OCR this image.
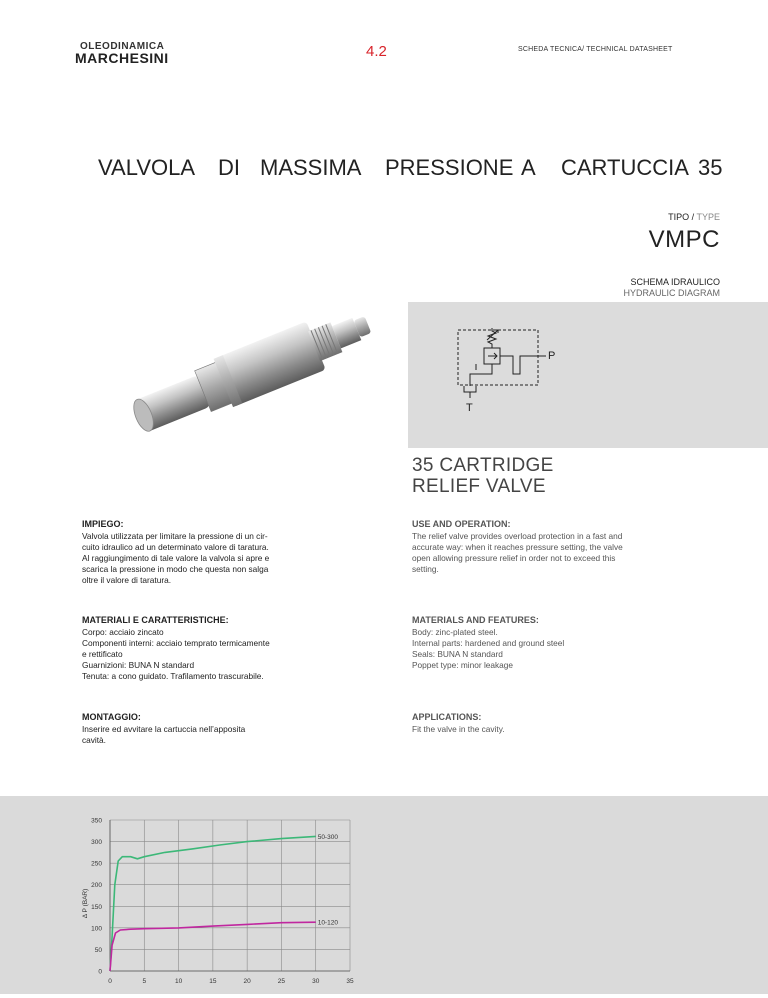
OLEODINAMICA
MARCHESINI	4.2	SCHEDA TECNICA/ TECHNICAL DATASHEET
VALVOLA DI MASSIMA PRESSIONE A CARTUCCIA 35
TIPO / TYPE
VMPC
SCHEMA IDRAULICO
HYDRAULIC DIAGRAM
P
T
35 CARTRIDGE
RELIEF VALVE
IMPIEGO:
Valvola utilizzata per limitare la pressione di un cir-
cuito idraulico ad un determinato valore di taratura.
Al raggiungimento di tale valore la valvola si apre e
scarica la pressione in modo che questa non salga
oltre il valore di taratura.
MATERIALI E CARATTERISTICHE:
Corpo: acciaio zincato
Componenti interni: acciaio temprato termicamente
e rettificato
Guarnizioni: BUNA N standard
Tenuta: a cono guidato. Trafilamento trascurabile.
MONTAGGIO:
Inserire ed avvitare la cartuccia nell’apposita
cavità.
USE AND OPERATION:
The relief valve provides overload protection in a fast and
accurate way: when it reaches pressure setting, the valve
open allowing pressure relief in order not to exceed this
setting.
MATERIALS AND FEATURES:
Body: zinc-plated steel.
Internal parts: hardened and ground steel
Seals: BUNA N standard
Poppet type: minor leakage
APPLICATIONS:
Fit the valve in the cavity.
0
50
100
150
200
250
300
350
0	5	10	15	20	25	30	35
Δ P (BAR)
50-300
10-120
